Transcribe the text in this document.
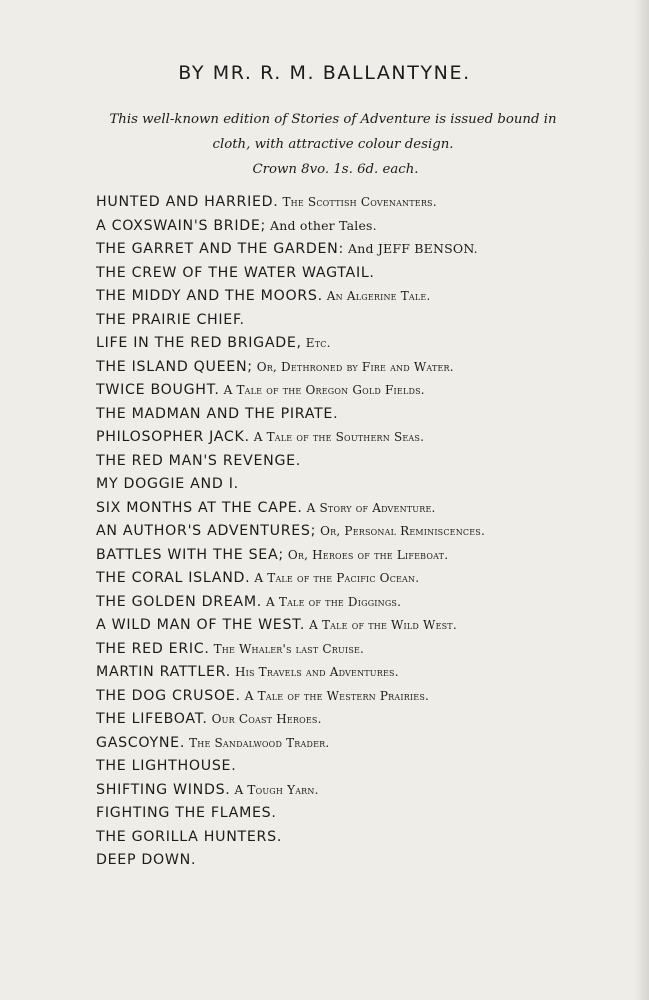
BY MR. R. M. BALLANTYNE.
This well-known edition of Stories of Adventure is issued bound in
cloth, with attractive colour design.
Crown 8vo. 1s. 6d. each.
HUNTED AND HARRIED. The Scottish Covenanters.
A COXSWAIN'S BRIDE; And other Tales.
THE GARRET AND THE GARDEN: And JEFF BENSON.
THE CREW OF THE WATER WAGTAIL.
THE MIDDY AND THE MOORS. An Algerine Tale.
THE PRAIRIE CHIEF.
LIFE IN THE RED BRIGADE, Etc.
THE ISLAND QUEEN; Or, Dethroned by Fire and Water.
TWICE BOUGHT. A Tale of the Oregon Gold Fields.
THE MADMAN AND THE PIRATE.
PHILOSOPHER JACK. A Tale of the Southern Seas.
THE RED MAN'S REVENGE.
MY DOGGIE AND I.
SIX MONTHS AT THE CAPE. A Story of Adventure.
AN AUTHOR'S ADVENTURES; Or, Personal Reminiscences.
BATTLES WITH THE SEA; Or, Heroes of the Lifeboat.
THE CORAL ISLAND. A Tale of the Pacific Ocean.
THE GOLDEN DREAM. A Tale of the Diggings.
A WILD MAN OF THE WEST. A Tale of the Wild West.
THE RED ERIC. The Whaler's last Cruise.
MARTIN RATTLER. His Travels and Adventures.
THE DOG CRUSOE. A Tale of the Western Prairies.
THE LIFEBOAT. Our Coast Heroes.
GASCOYNE. The Sandalwood Trader.
THE LIGHTHOUSE.
SHIFTING WINDS. A Tough Yarn.
FIGHTING THE FLAMES.
THE GORILLA HUNTERS.
DEEP DOWN.
